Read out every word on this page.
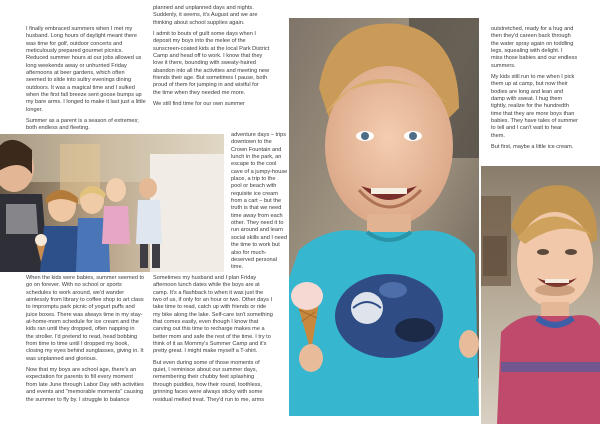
I finally embraced summers when I met my
husband. Long hours of daylight meant there
was time for golf, outdoor concerts and
meticulously prepared gourmet picnics.
Reduced summer hours at our jobs allowed us
long weekends away or unhurried Friday
afternoons at beer gardens, which often
seemed to slide into sultry evenings dining
outdoors. It was a magical time and I sulked
when the first fall breeze sent goose bumps up
my bare arms. I longed to make it last just a little
longer.

Summer as a parent is a season of extremes;
both endless and fleeting.

planned and unplanned days and nights.
Suddenly, it seems, it's August and we are
thinking about school supplies again.

I admit to bouts of guilt some days when I
deposit my boys into the melee of the
sunscreen-coated kids at the local Park District
Camp and head off to work. I know that they
love it there, bounding with sweaty-haired
abandon into all the activities and meeting new
friends their age. But sometimes I pause, both
proud of them for jumping in and wistful for
the time when they needed me more.

We still find time for our own summer

adventure days – trips
downtown to the
Crown Fountain and
lunch in the park, an
escape to the cool
cave of a jumpy-house
place, a trip to the
pool or beach with
requisite ice cream
from a cart – but the
truth is that we need
time away from each
other. They need it to
run around and learn
social skills and I need
the time to work but
also for much-
deserved personal
time.

When the kids were babies, summer seemed to
go on forever. With no school or sports
schedules to work around, we'd wander
aimlessly from library to coffee shop to art class
to impromptu park picnic of yogurt puffs and
juice boxes. There was always time in my stay-
at-home-mom schedule for ice cream and the
kids ran until they dropped, often napping in
the stroller. I'd pretend to read, head bobbing
from time to time until I dropped my book,
closing my eyes behind sunglasses, giving in. It
was unplanned and glorious.

Now that my boys are school age, there's an
expectation for parents to fill every moment
from late June through Labor Day with activities
and events and "memorable moments" causing
the summer to fly by. I struggle to balance

Sometimes my husband and I plan Friday
afternoon lunch dates while the boys are at
camp. It's a flashback to when it was just the
two of us, if only for an hour or two. Other days I
take time to read, catch up with friends or ride
my bike along the lake. Self-care isn't something
that comes easily, even though I know that
carving out this time to recharge makes me a
better mom and safe the rest of the time. I try to
think of it as Mommy's Summer Camp and it's
pretty great. I might make myself a T-shirt.

But even during some of those moments of
quiet, I reminisce about our summer days,
remembering their chubby feet splashing
through puddles, how their round, toothless,
grinning faces were always sticky with some
residual melted treat. They'd run to me, arms

outstretched, ready for a hug and
then they'd careen back through
the water spray again on toddling
legs, squealing with delight. I
miss those babies and our endless
summers.

My kids still run to me when I pick
them up at camp, but now their
bodies are long and lean and
damp with sweat. I hug them
tightly, realize for the hundredth
time that they are more boys than
babies. They have tales of summer
to tell and I can't wait to hear
them.

But first, maybe a little ice cream.
